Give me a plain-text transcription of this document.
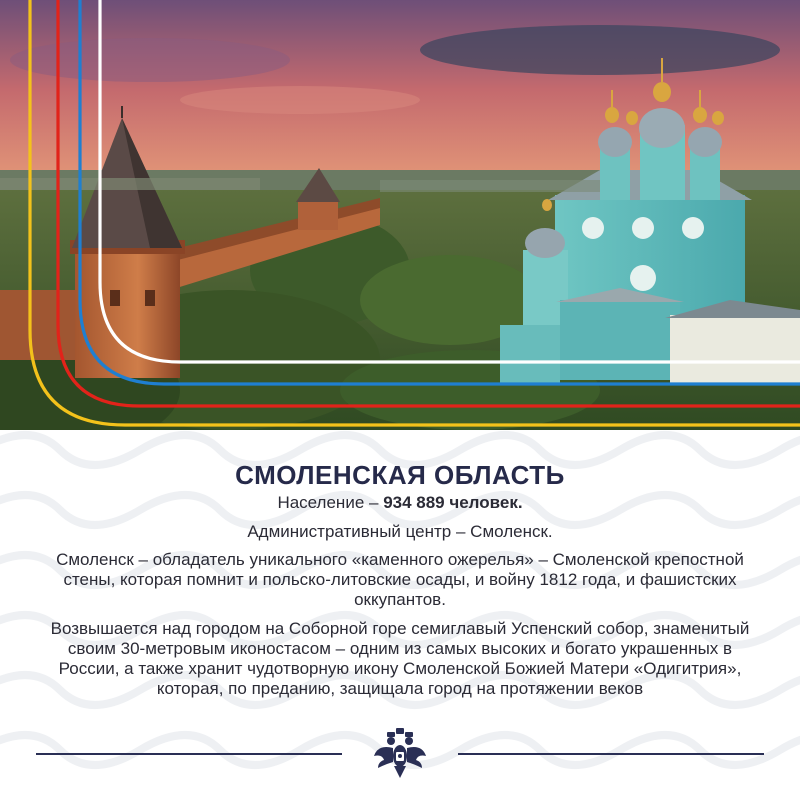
СМОЛЕНСКАЯ ОБЛАСТЬ

Население – 934 889 человек.

Административный центр – Смоленск.

Смоленск – обладатель уникального «каменного ожерелья» – Смоленской крепостной стены, которая помнит и польско-литовские осады, и войну 1812 года, и фашистских оккупантов.

Возвышается над городом на Соборной горе семиглавый Успенский собор, знаменитый своим 30-метровым иконостасом – одним из самых высоких и богато украшенных в России, а также хранит чудотворную икону Смоленской Божией Матери «Одигитрия», которая, по преданию, защищала город на протяжении веков
